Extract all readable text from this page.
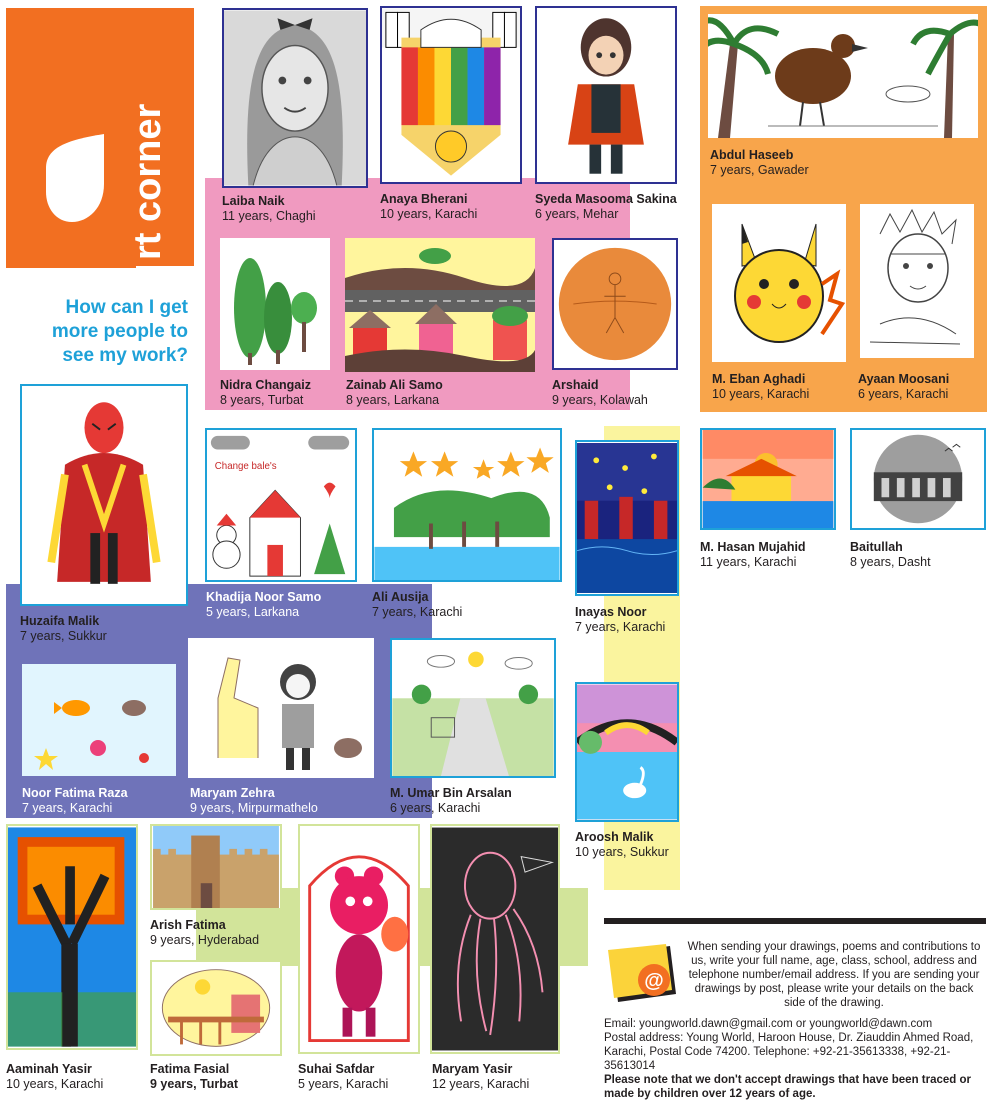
rt corner
How can I get more people to see my work?
Laiba Naik
11 years, Chaghi
Anaya Bherani
10 years, Karachi
Syeda Masooma Sakina
6 years, Mehar
Abdul Haseeb
7 years, Gawader
Nidra Changaiz
8 years, Turbat
Zainab Ali Samo
8 years, Larkana
Arshaid
9 years, Kolawah
M. Eban Aghadi
10 years, Karachi
Ayaan Moosani
6 years, Karachi
Huzaifa Malik
7 years, Sukkur
Change bale's
Khadija Noor Samo
5 years, Larkana
Ali Ausija
7 years, Karachi	Inayas Noor
7 years, Karachi
M. Hasan Mujahid
11 years, Karachi
Baitullah
8 years, Dasht
Noor Fatima Raza
7 years, Karachi
Maryam Zehra
9 years, Mirpurmathelo
M. Umar Bin Arsalan
6 years, Karachi
Aroosh Malik
10 years, Sukkur
Aaminah Yasir
10 years, Karachi
Arish Fatima
9 years, Hyderabad
Fatima Fasial
9 years, Turbat
Suhai Safdar
5 years, Karachi
Maryam Yasir
12 years, Karachi
@
When sending your drawings, poems and contributions to us, write your full name, age, class, school, address and telephone number/email address. If you are sending your drawings by post, please write your details on the back side of the drawing.
Email: youngworld.dawn@gmail.com or youngworld@dawn.com
Postal address: Young World, Haroon House, Dr. Ziauddin Ahmed Road, Karachi, Postal Code 74200. Telephone: +92-21-35613338, +92-21-35613014
Please note that we don't accept drawings that have been traced or made by children over 12 years of age.
